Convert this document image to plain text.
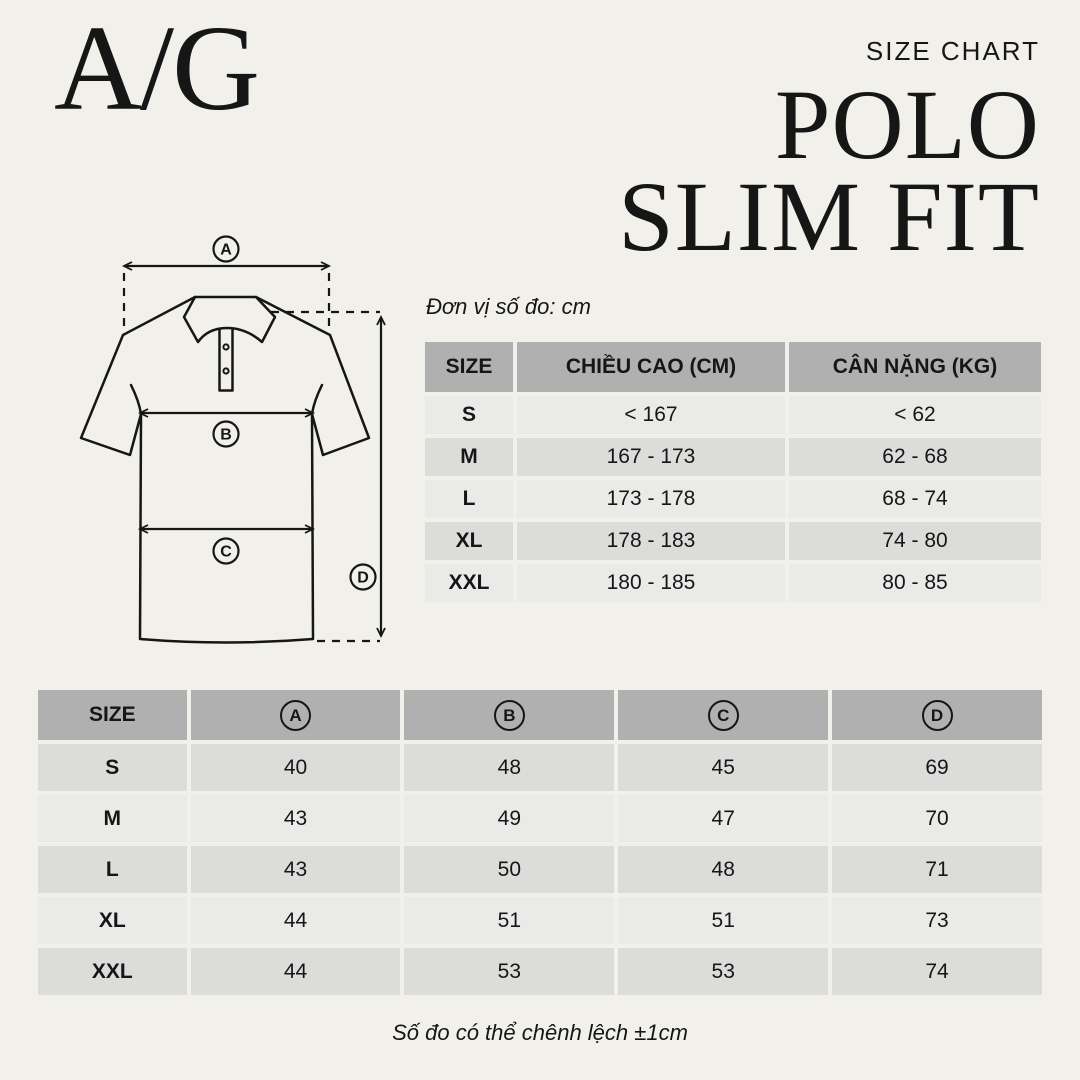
A/G	SIZE CHART
POLO
SLIM FIT
A
B
C
D
Đơn vị số đo: cm
SIZE	CHIỀU CAO (CM)	CÂN NẶNG (KG)
S	< 167	< 62
M	167 - 173	62 - 68
L	173 - 178	68 - 74
XL	178 - 183	74 - 80
XXL	180 - 185	80 - 85
SIZE	A	B	C	D
S	40	48	45	69
M	43	49	47	70
L	43	50	48	71
XL	44	51	51	73
XXL	44	53	53	74
Số đo có thể chênh lệch ±1cm
